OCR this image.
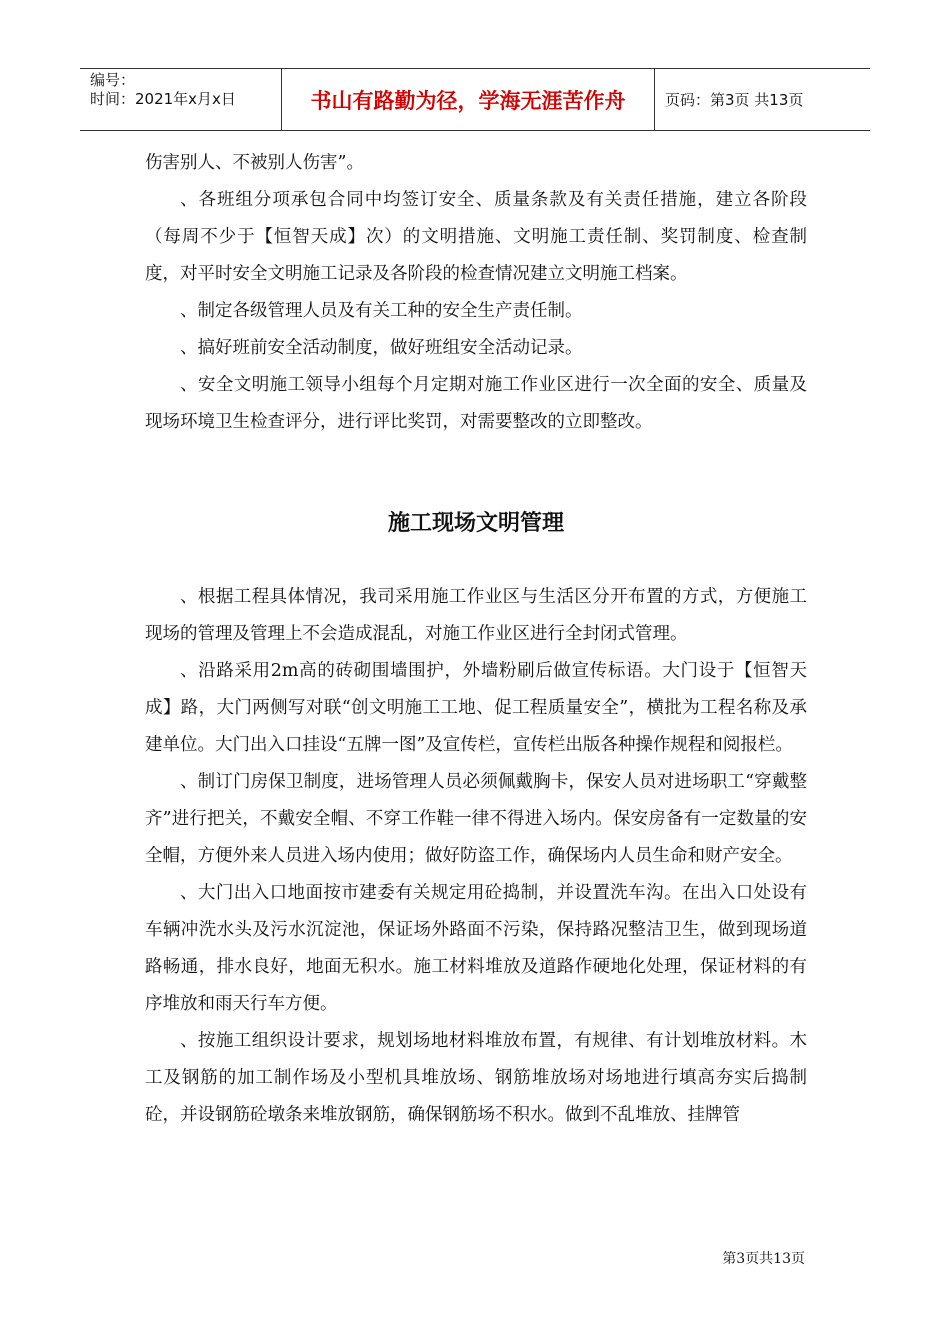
编号：
时间：2021年x月x日	书山有路勤为径，学海无涯苦作舟	页码：第3页 共13页

伤害别人、不被别人伤害”。

、各班组分项承包合同中均签订安全、质量条款及有关责任措施，建立各阶段（每周不少于【恒智天成】次）的文明措施、文明施工责任制、奖罚制度、检查制度，对平时安全文明施工记录及各阶段的检查情况建立文明施工档案。

、制定各级管理人员及有关工种的安全生产责任制。

、搞好班前安全活动制度，做好班组安全活动记录。

、安全文明施工领导小组每个月定期对施工作业区进行一次全面的安全、质量及现场环境卫生检查评分，进行评比奖罚，对需要整改的立即整改。

施工现场文明管理

、根据工程具体情况，我司采用施工作业区与生活区分开布置的方式，方便施工现场的管理及管理上不会造成混乱，对施工作业区进行全封闭式管理。

、沿路采用2m高的砖砌围墙围护，外墙粉刷后做宣传标语。大门设于【恒智天成】路，大门两侧写对联“创文明施工工地、促工程质量安全”，横批为工程名称及承建单位。大门出入口挂设“五牌一图”及宣传栏，宣传栏出版各种操作规程和阅报栏。

、制订门房保卫制度，进场管理人员必须佩戴胸卡，保安人员对进场职工“穿戴整齐”进行把关，不戴安全帽、不穿工作鞋一律不得进入场内。保安房备有一定数量的安全帽，方便外来人员进入场内使用；做好防盗工作，确保场内人员生命和财产安全。

、大门出入口地面按市建委有关规定用砼捣制，并设置洗车沟。在出入口处设有车辆冲洗水头及污水沉淀池，保证场外路面不污染，保持路况整洁卫生，做到现场道路畅通，排水良好，地面无积水。施工材料堆放及道路作硬地化处理，保证材料的有序堆放和雨天行车方便。

、按施工组织设计要求，规划场地材料堆放布置，有规律、有计划堆放材料。木工及钢筋的加工制作场及小型机具堆放场、钢筋堆放场对场地进行填高夯实后捣制砼，并设钢筋砼墩条来堆放钢筋，确保钢筋场不积水。做到不乱堆放、挂牌管

第3页共13页
